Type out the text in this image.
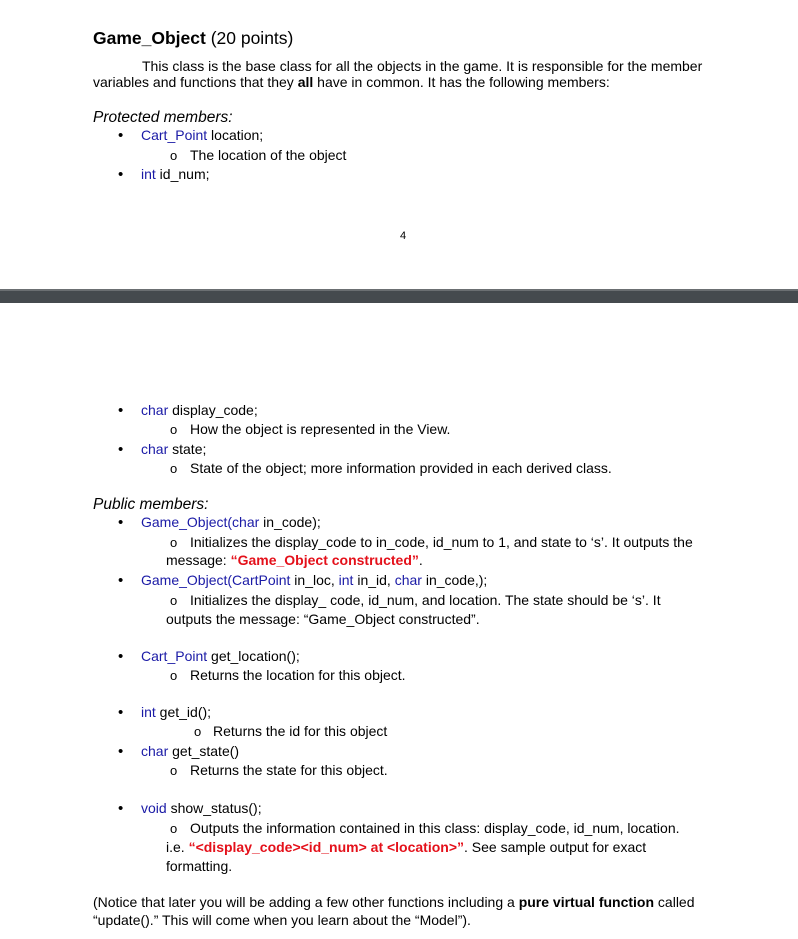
Game_Object (20 points)
This class is the base class for all the objects in the game. It is responsible for the member
variables and functions that they all have in common. It has the following members:
Protected members:
• Cart_Point location;
o The location of the object
• int id_num;
4
• char display_code;
o How the object is represented in the View.
• char state;
o State of the object; more information provided in each derived class.
Public members:
• Game_Object(char in_code);
o Initializes the display_code to in_code, id_num to 1, and state to ‘s’. It outputs the
message: “Game_Object constructed”.
• Game_Object(CartPoint in_loc, int in_id, char in_code,);
o Initializes the display_ code, id_num, and location. The state should be ‘s’. It
outputs the message: “Game_Object constructed”.
• Cart_Point get_location();
o Returns the location for this object.
• int get_id();
o Returns the id for this object
• char get_state()
o Returns the state for this object.
• void show_status();
o Outputs the information contained in this class: display_code, id_num, location.
i.e. “<display_code><id_num> at <location>”. See sample output for exact
formatting.
(Notice that later you will be adding a few other functions including a pure virtual function called
“update().” This will come when you learn about the “Model”).
